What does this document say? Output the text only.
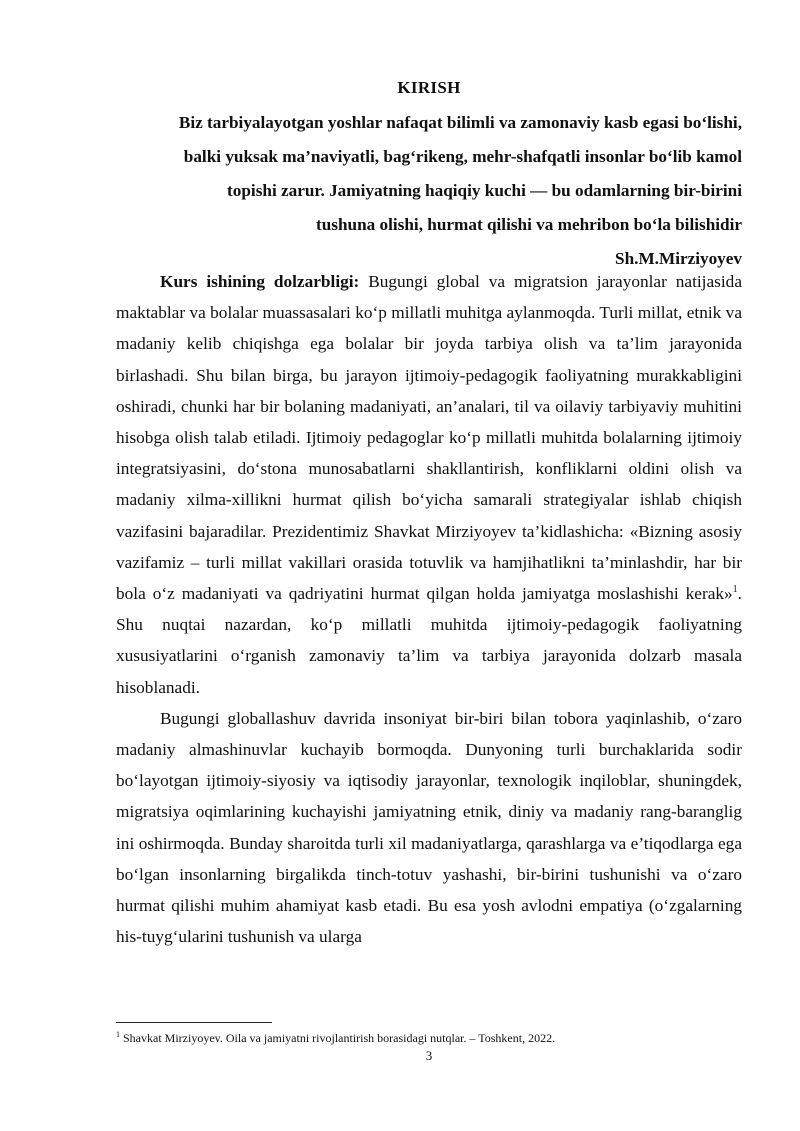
KIRISH
Biz tarbiyalayotgan yoshlar nafaqat bilimli va zamonaviy kasb egasi bo‘lishi,
balki yuksak ma’naviyatli, bag‘rikeng, mehr-shafqatli insonlar bo‘lib kamol
topishi zarur. Jamiyatning haqiqiy kuchi — bu odamlarning bir-birini
tushuna olishi, hurmat qilishi va mehribon bo‘la bilishidir
Sh.M.Mirziyoyev

Kurs ishining dolzarbligi: Bugungi global va migratsion jarayonlar natijasida maktablar va bolalar muassasalari ko‘p millatli muhitga aylanmoqda. Turli millat, etnik va madaniy kelib chiqishga ega bolalar bir joyda tarbiya olish va ta’lim jarayonida birlashadi. Shu bilan birga, bu jarayon ijtimoiy-pedagogik faoliyatning murakkabligini oshiradi, chunki har bir bolaning madaniyati, an’analari, til va oilaviy tarbiyaviy muhitini hisobga olish talab etiladi. Ijtimoiy pedagoglar ko‘p millatli muhitda bolalarning ijtimoiy integratsiyasini, do‘stona munosabatlarni shakllantirish, konfliklarni oldini olish va madaniy xilma-xillikni hurmat qilish bo‘yicha samarali strategiyalar ishlab chiqish vazifasini bajaradilar. Prezidentimiz Shavkat Mirziyoyev ta’kidlashicha: «Bizning asosiy vazifamiz – turli millat vakillari orasida totuvlik va hamjihatlikni ta’minlashdir, har bir bola o‘z madaniyati va qadriyatini hurmat qilgan holda jamiyatga moslashishi kerak»$^1$. Shu nuqtai nazardan, ko‘p millatli muhitda ijtimoiy-pedagogik faoliyatning xususiyatlarini o‘rganish zamonaviy ta’lim va tarbiya jarayonida dolzarb masala hisoblanadi.

Bugungi globallashuv davrida insoniyat bir-biri bilan tobora yaqinlashib, o‘zaro madaniy almashinuvlar kuchayib bormoqda. Dunyoning turli burchaklarida sodir bo‘layotgan ijtimoiy-siyosiy va iqtisodiy jarayonlar, texnologik inqiloblar, shuningdek, migratsiya oqimlarining kuchayishi jamiyatning etnik, diniy va madaniy rang-baranglig ini oshirmoqda. Bunday sharoitda turli xil madaniyatlarga, qarashlarga va e’tiqodlarga ega bo‘lgan insonlarning birgalikda tinch-totuv yashashi, bir-birini tushunishi va o‘zaro hurmat qilishi muhim ahamiyat kasb etadi. Bu esa yosh avlodni empatiya (o‘zgalarning his-tuyg‘ularini tushunish va ularga

$^1$ Shavkat Mirziyoyev. Oila va jamiyatni rivojlantirish borasidagi nutqlar. – Toshkent, 2022.
3
